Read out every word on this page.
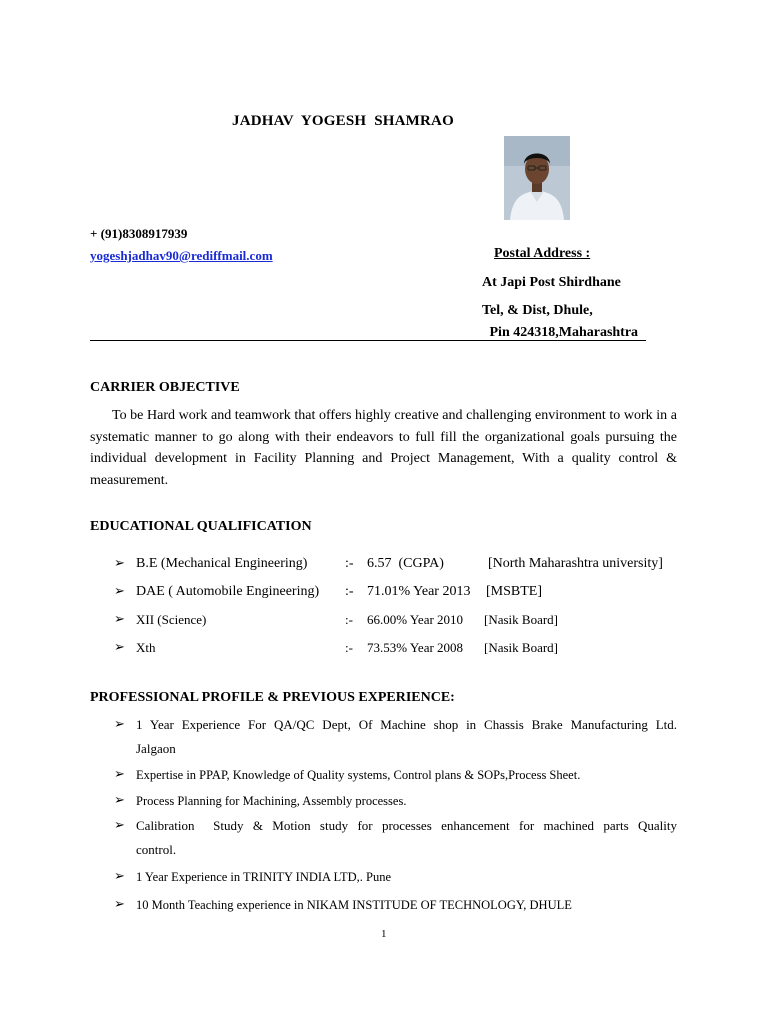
JADHAV YOGESH SHAMRAO
+ (91)8308917939
yogeshjadhav90@rediffmail.com	Postal Address :
At Japi Post Shirdhane
Tel, & Dist, Dhule,
Pin 424318,Maharashtra
CARRIER OBJECTIVE
To be Hard work and teamwork that offers highly creative and challenging environment to work in a systematic manner to go along with their endeavors to full fill the organizational goals pursuing the individual development in Facility Planning and Project Management, With a quality control & measurement.
EDUCATIONAL QUALIFICATION
➢ B.E (Mechanical Engineering)	:- 6.57  (CGPA)	[North Maharashtra university]
➢ DAE ( Automobile Engineering) :- 71.01% Year 2013 [MSBTE]
➢ XII (Science)	:- 66.00% Year 2010 [Nasik Board]
➢ Xth	:- 73.53% Year 2008 [Nasik Board]
PROFESSIONAL PROFILE & PREVIOUS EXPERIENCE:
➢ 1 Year Experience For QA/QC Dept, Of Machine shop in Chassis Brake Manufacturing Ltd.
Jalgaon
➢ Expertise in PPAP, Knowledge of Quality systems, Control plans & SOPs,Process Sheet.
➢ Process Planning for Machining, Assembly processes.
➢ Calibration  Study & Motion study for processes enhancement for machined parts Quality
control.
➢ 1 Year Experience in TRINITY INDIA LTD,. Pune
➢ 10 Month Teaching experience in NIKAM INSTITUDE OF TECHNOLOGY, DHULE
1
